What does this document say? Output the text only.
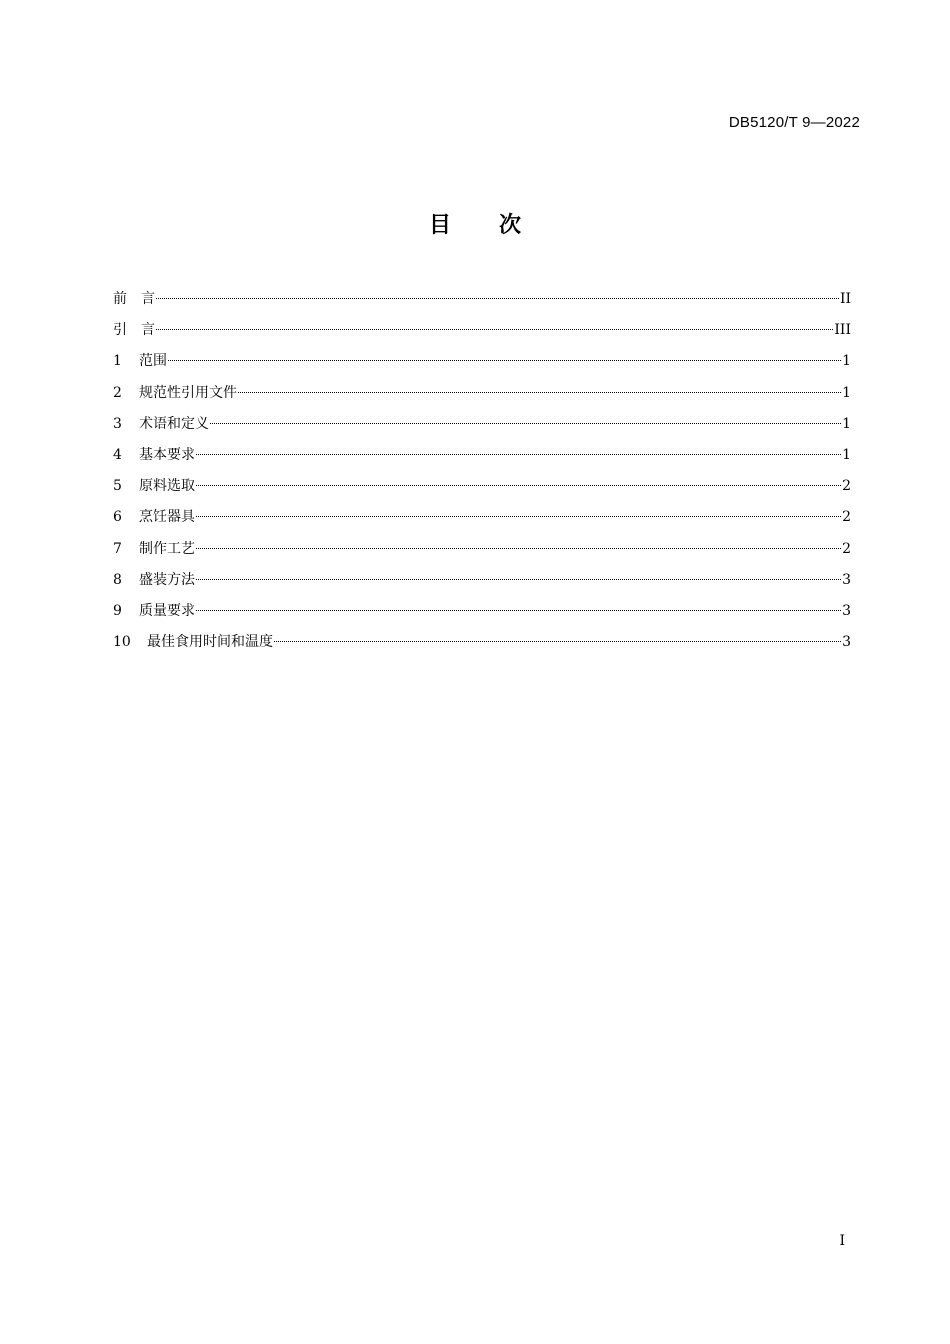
DB5120/T 9—2022
目 次
前　言	II
引　言	III
1	范围	1
2	规范性引用文件	1
3	术语和定义	1
4	基本要求	1
5	原料选取	2
6	烹饪器具	2
7	制作工艺	2
8	盛装方法	3
9	质量要求	3
10	最佳食用时间和温度	3
I
